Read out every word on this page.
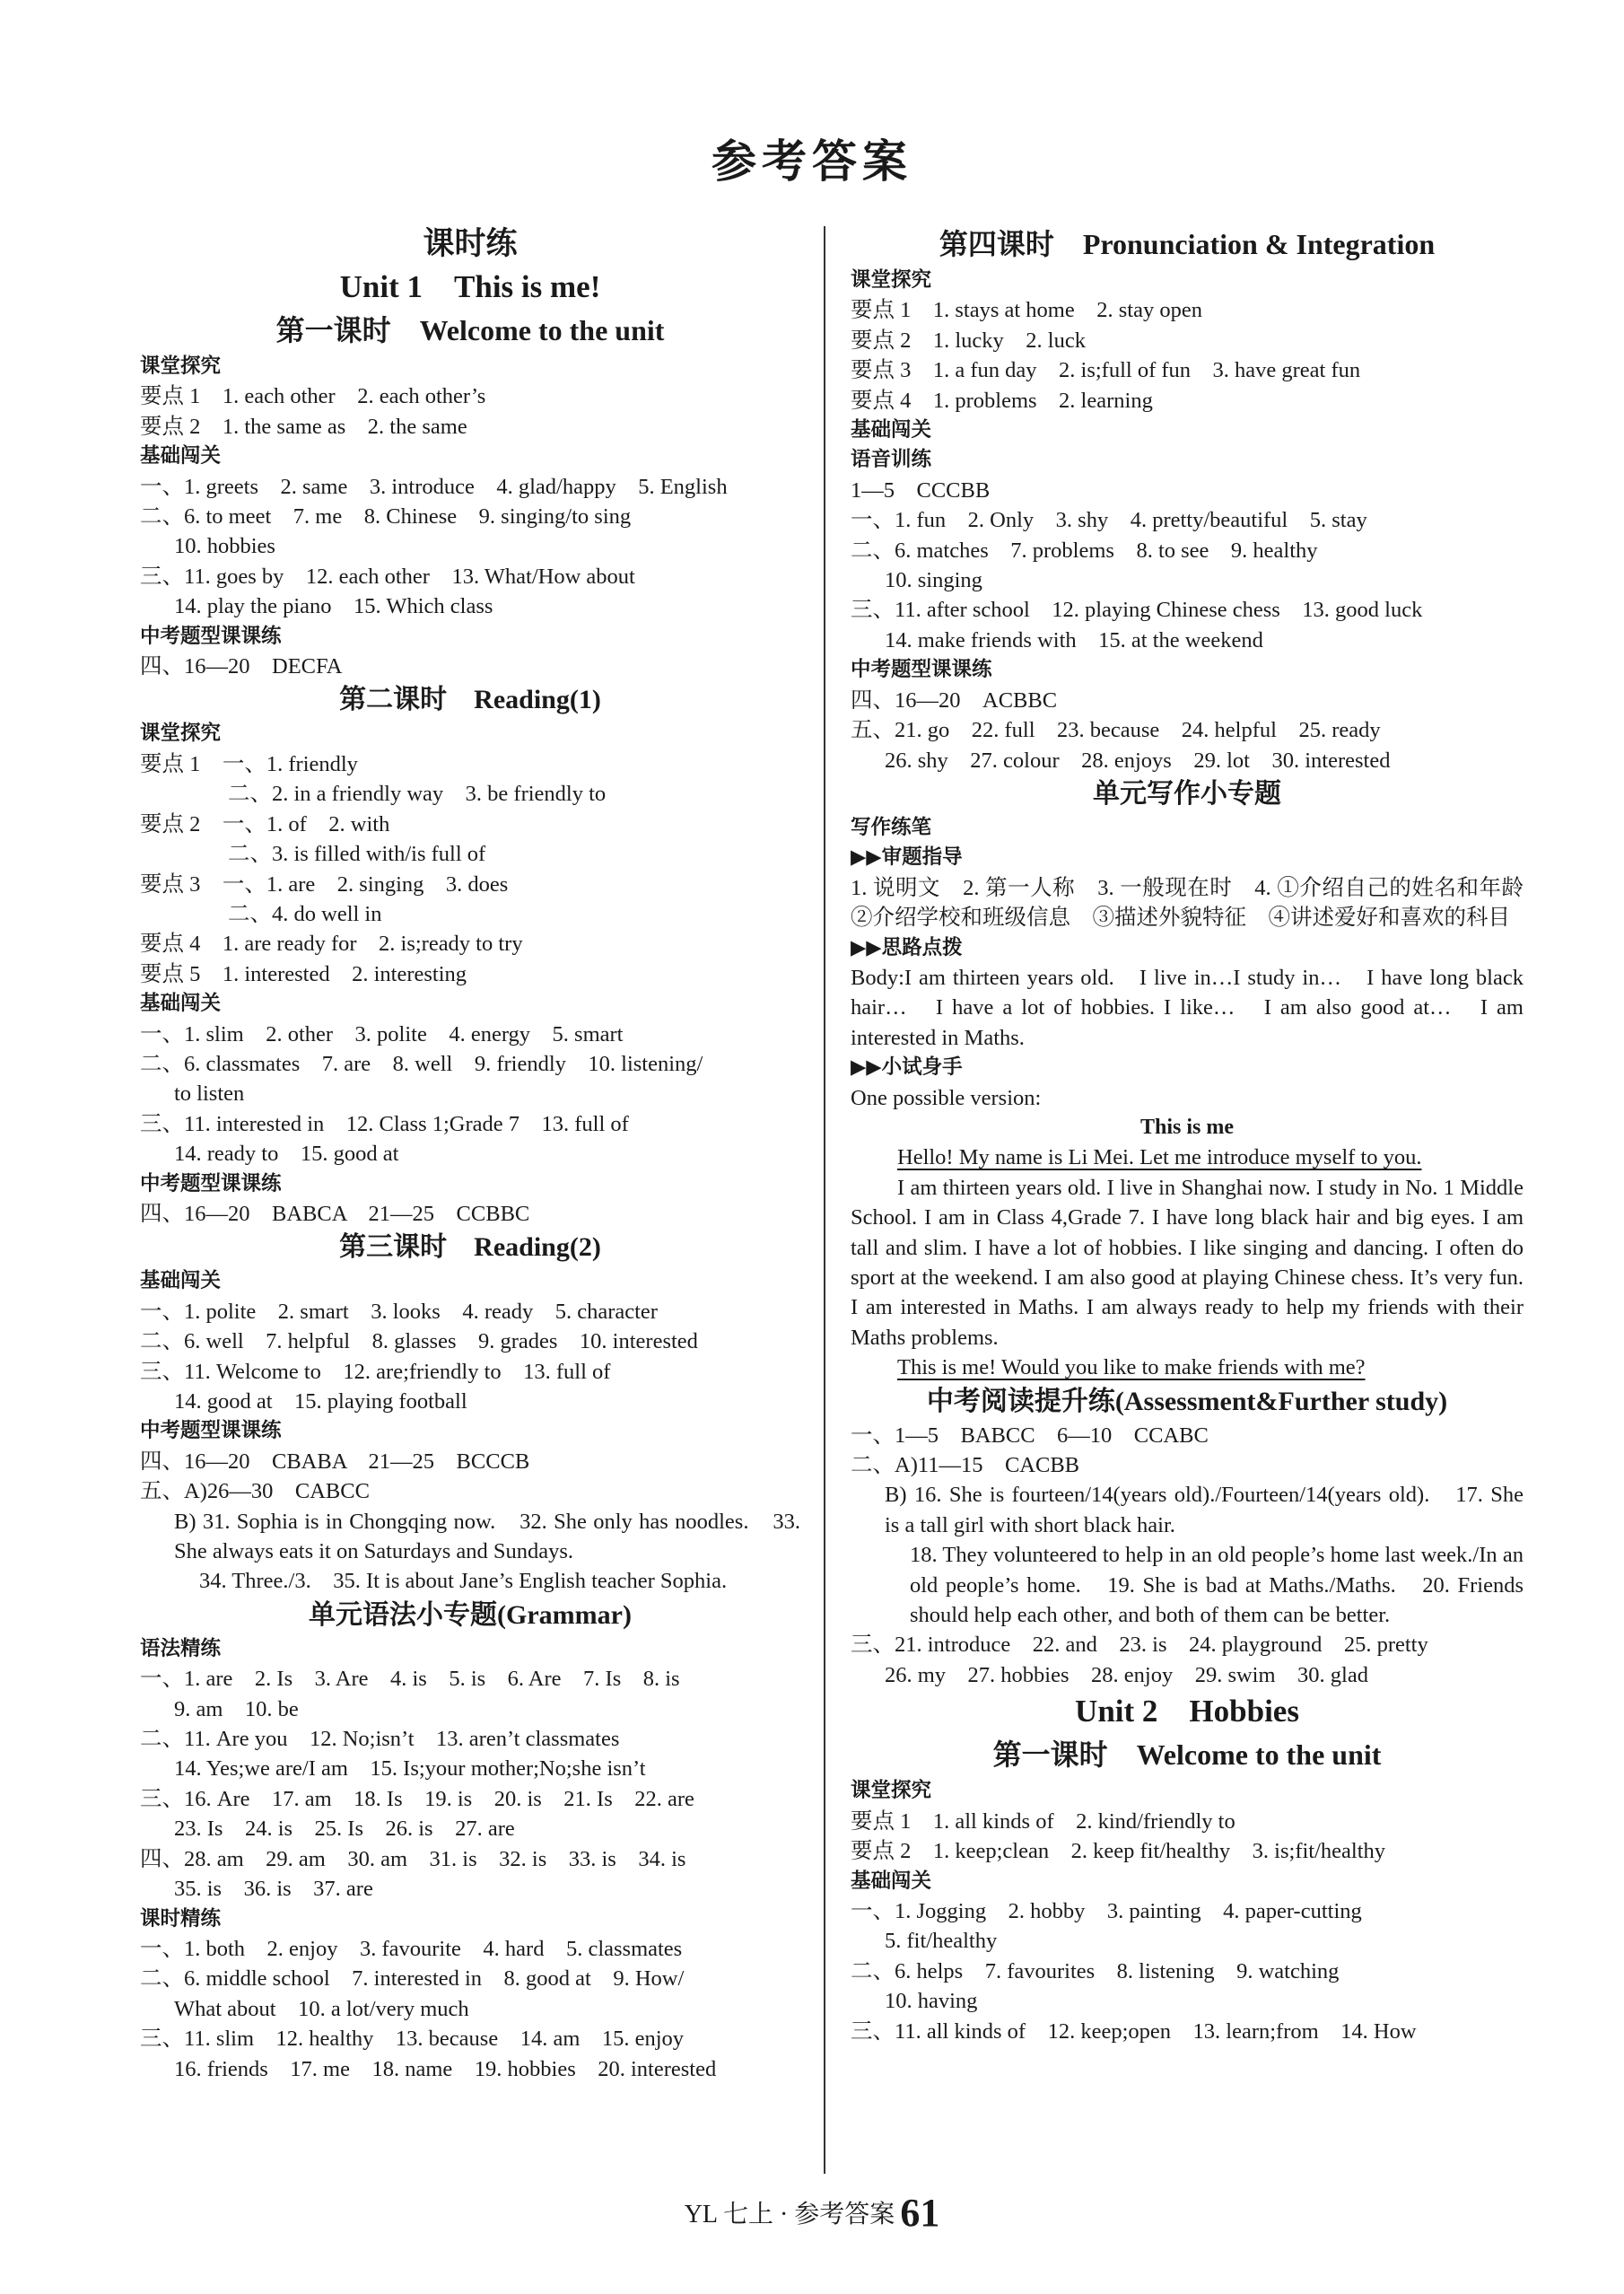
参考答案
课时练
Unit 1　This is me!
第一课时　Welcome to the unit
课堂探究
要点 1　1. each other　2. each other’s
要点 2　1. the same as　2. the same
基础闯关
一、1. greets　2. same　3. introduce　4. glad/happy　5. English
二、6. to meet　7. me　8. Chinese　9. singing/to sing
10. hobbies
三、11. goes by　12. each other　13. What/How about
14. play the piano　15. Which class
中考题型课课练
四、16—20　DECFA
第二课时　Reading(1)
课堂探究
要点 1　一、1. friendly
　　　　二、2. in a friendly way　3. be friendly to
要点 2　一、1. of　2. with
　　　　二、3. is filled with/is full of
要点 3　一、1. are　2. singing　3. does
　　　　二、4. do well in
要点 4　1. are ready for　2. is;ready to try
要点 5　1. interested　2. interesting
基础闯关
一、1. slim　2. other　3. polite　4. energy　5. smart
二、6. classmates　7. are　8. well　9. friendly　10. listening/
to listen
三、11. interested in　12. Class 1;Grade 7　13. full of
14. ready to　15. good at
中考题型课课练
四、16—20　BABCA　21—25　CCBBC
第三课时　Reading(2)
基础闯关
一、1. polite　2. smart　3. looks　4. ready　5. character
二、6. well　7. helpful　8. glasses　9. grades　10. interested
三、11. Welcome to　12. are;friendly to　13. full of
14. good at　15. playing football
中考题型课课练
四、16—20　CBABA　21—25　BCCCB
五、A)26—30　CABCC
B) 31. Sophia is in Chongqing now.　32. She only has noodles.　33. She always eats it on Saturdays and Sundays.
34. Three./3.　35. It is about Jane’s English teacher Sophia.
单元语法小专题(Grammar)
语法精练
一、1. are　2. Is　3. Are　4. is　5. is　6. Are　7. Is　8. is
9. am　10. be
二、11. Are you　12. No;isn’t　13. aren’t classmates
14. Yes;we are/I am　15. Is;your mother;No;she isn’t
三、16. Are　17. am　18. Is　19. is　20. is　21. Is　22. are
23. Is　24. is　25. Is　26. is　27. are
四、28. am　29. am　30. am　31. is　32. is　33. is　34. is
35. is　36. is　37. are
课时精练
一、1. both　2. enjoy　3. favourite　4. hard　5. classmates
二、6. middle school　7. interested in　8. good at　9. How/
What about　10. a lot/very much
三、11. slim　12. healthy　13. because　14. am　15. enjoy
16. friends　17. me　18. name　19. hobbies　20. interested
第四课时　Pronunciation & Integration
课堂探究
要点 1　1. stays at home　2. stay open
要点 2　1. lucky　2. luck
要点 3　1. a fun day　2. is;full of fun　3. have great fun
要点 4　1. problems　2. learning
基础闯关
语音训练
1—5　CCCBB
一、1. fun　2. Only　3. shy　4. pretty/beautiful　5. stay
二、6. matches　7. problems　8. to see　9. healthy
10. singing
三、11. after school　12. playing Chinese chess　13. good luck
14. make friends with　15. at the weekend
中考题型课课练
四、16—20　ACBBC
五、21. go　22. full　23. because　24. helpful　25. ready
26. shy　27. colour　28. enjoys　29. lot　30. interested
单元写作小专题
写作练笔
▶▶审题指导
1. 说明文　2. 第一人称　3. 一般现在时　4. ①介绍自己的姓名和年龄　②介绍学校和班级信息　③描述外貌特征　④讲述爱好和喜欢的科目
▶▶思路点拨
Body:I am thirteen years old.　I live in…I study in…　I have long black hair…　I have a lot of hobbies. I like…　I am also good at…　I am interested in Maths.
▶▶小试身手
One possible version:
This is me
Hello! My name is Li Mei. Let me introduce myself to you.
I am thirteen years old. I live in Shanghai now. I study in No. 1 Middle School. I am in Class 4,Grade 7. I have long black hair and big eyes. I am tall and slim. I have a lot of hobbies. I like singing and dancing. I often do sport at the weekend. I am also good at playing Chinese chess. It’s very fun. I am interested in Maths. I am always ready to help my friends with their Maths problems.
This is me! Would you like to make friends with me?
中考阅读提升练(Assessment&Further study)
一、1—5　BABCC　6—10　CCABC
二、A)11—15　CACBB
B) 16. She is fourteen/14(years old)./Fourteen/14(years old).　17. She is a tall girl with short black hair.
18. They volunteered to help in an old people’s home last week./In an old people’s home.　19. She is bad at Maths./Maths.　20. Friends should help each other, and both of them can be better.
三、21. introduce　22. and　23. is　24. playground　25. pretty
26. my　27. hobbies　28. enjoy　29. swim　30. glad
Unit 2　Hobbies
第一课时　Welcome to the unit
课堂探究
要点 1　1. all kinds of　2. kind/friendly to
要点 2　1. keep;clean　2. keep fit/healthy　3. is;fit/healthy
基础闯关
一、1. Jogging　2. hobby　3. painting　4. paper-cutting
5. fit/healthy
二、6. helps　7. favourites　8. listening　9. watching
10. having
三、11. all kinds of　12. keep;open　13. learn;from　14. How
YL 七上 · 参考答案 61
